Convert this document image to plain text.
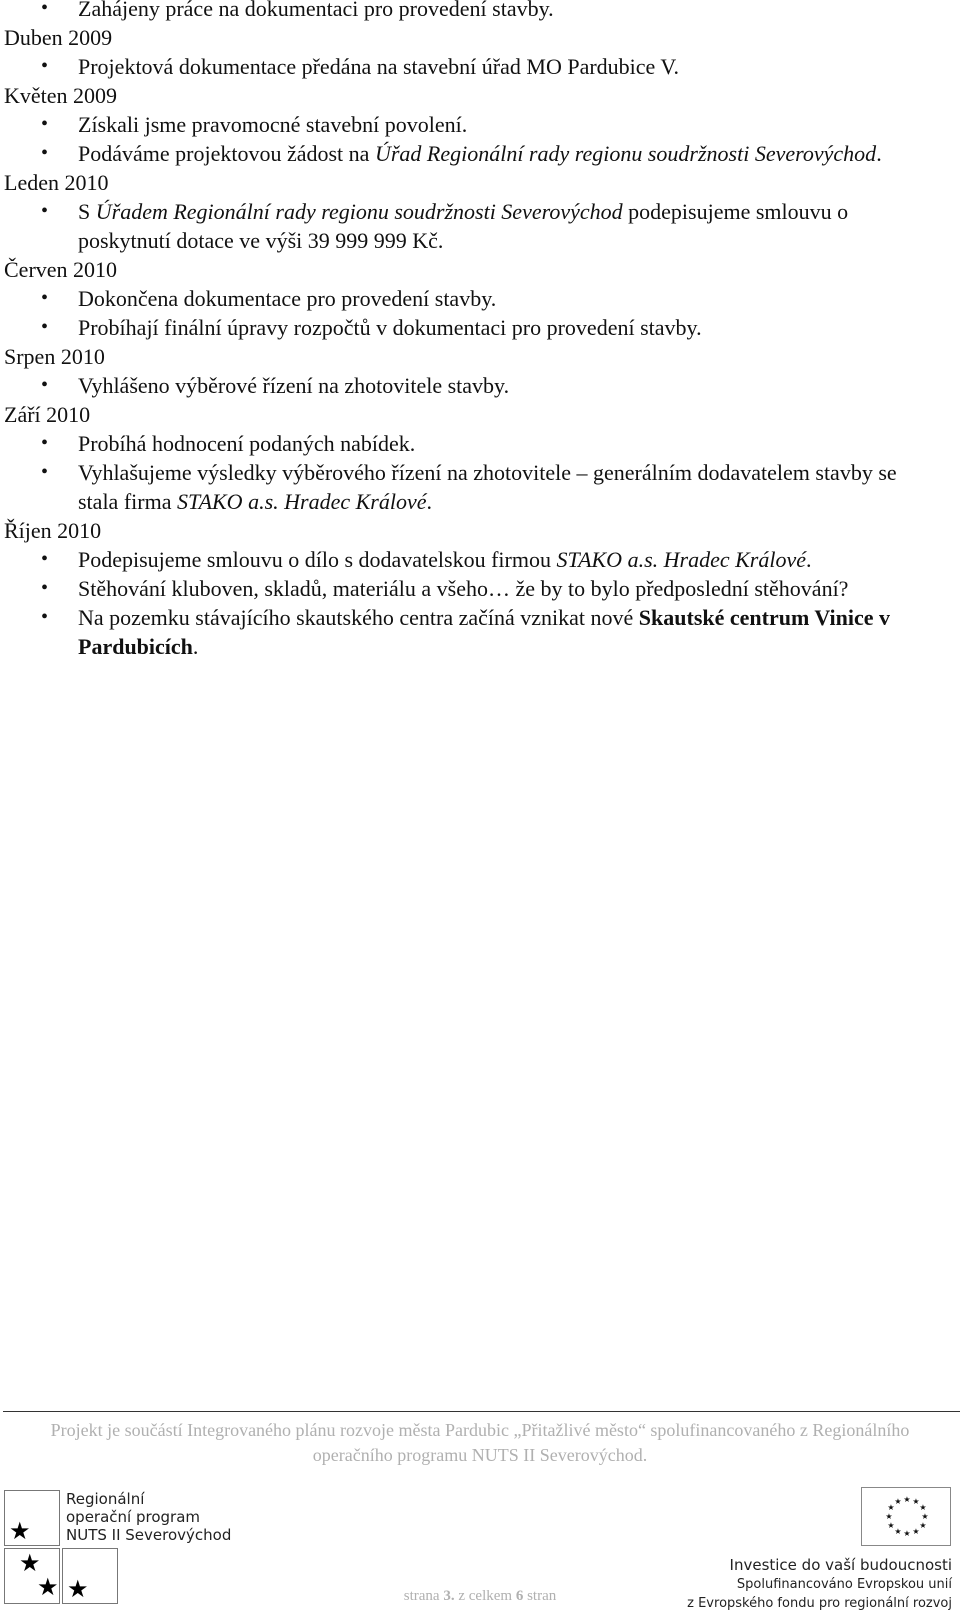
• Zahájeny práce na dokumentaci pro provedení stavby.
Duben 2009
• Projektová dokumentace předána na stavební úřad MO Pardubice V.
Květen 2009
• Získali jsme pravomocné stavební povolení.
• Podáváme projektovou žádost na Úřad Regionální rady regionu soudržnosti Severovýchod.
Leden 2010
• S Úřadem Regionální rady regionu soudržnosti Severovýchod podepisujeme smlouvu o poskytnutí dotace ve výši 39 999 999 Kč.
Červen 2010
• Dokončena dokumentace pro provedení stavby.
• Probíhají finální úpravy rozpočtů v dokumentaci pro provedení stavby.
Srpen 2010
• Vyhlášeno výběrové řízení na zhotovitele stavby.
Září 2010
• Probíhá hodnocení podaných nabídek.
• Vyhlašujeme výsledky výběrového řízení na zhotovitele – generálním dodavatelem stavby se stala firma STAKO a.s. Hradec Králové.
Říjen 2010
• Podepisujeme smlouvu o dílo s dodavatelskou firmou STAKO a.s. Hradec Králové.
• Stěhování kluboven, skladů, materiálu a všeho… že by to bylo předposlední stěhování?
• Na pozemku stávajícího skautského centra začíná vznikat nové Skautské centrum Vinice v Pardubicích.
Projekt je součástí Integrovaného plánu rozvoje města Pardubic „Přitažlivé město“ spolufinancovaného z Regionálního operačního programu NUTS II Severovýchod.
★
★
★ ★
Regionální
operační program
NUTS II Severovýchod
strana 3. z celkem 6 stran
★ ★
★
★
★
★
★
★
★
★
★
★
Investice do vaší budoucnosti
Spolufinancováno Evropskou unií
z Evropského fondu pro regionální rozvoj
